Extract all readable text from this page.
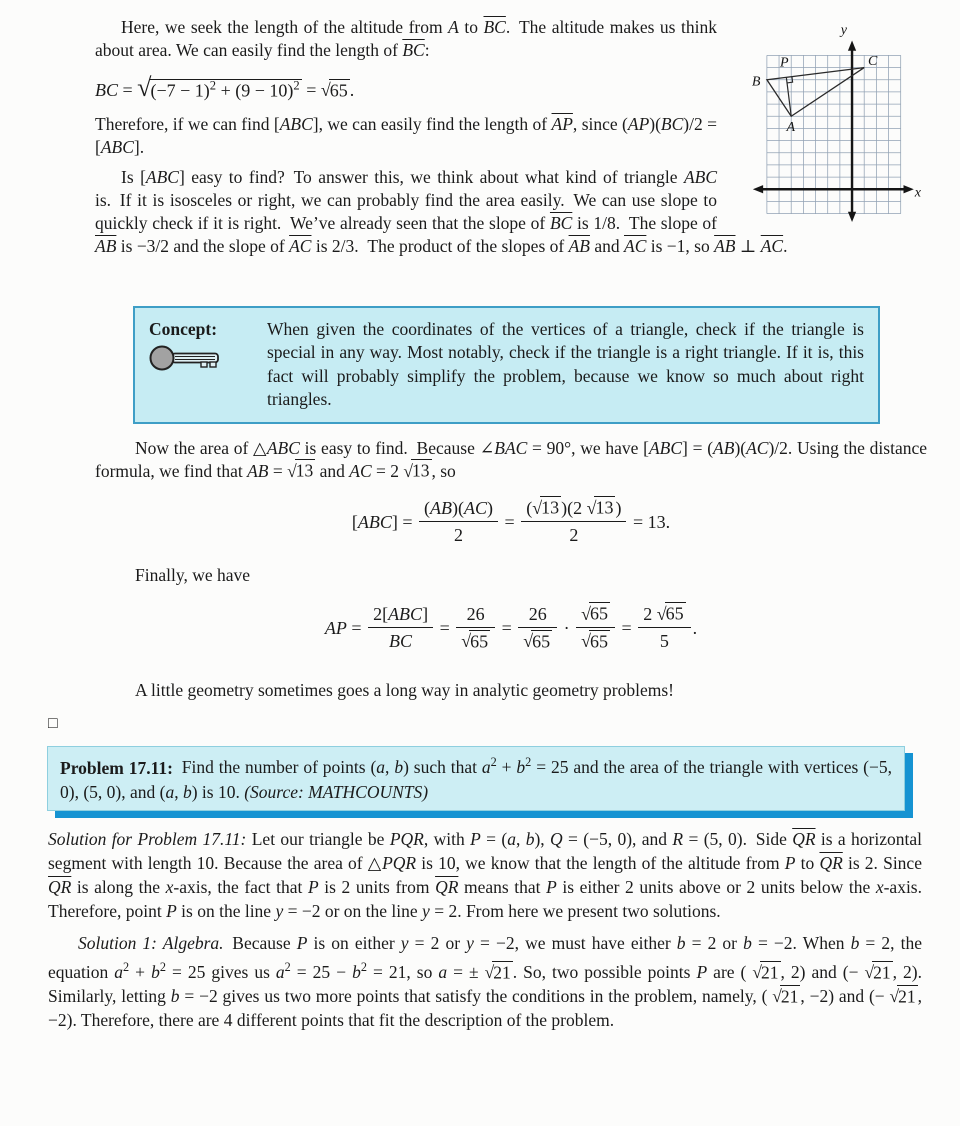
y
x
B
P	C
A

Here, we seek the length of the altitude from A to $\overline{BC}$. The altitude makes us think about area. We can easily find the length of $\overline{BC}$:

BC = $√(-7 - 1)^2 + (9 - 10)^2 = √65$ .

Therefore, if we can find [ABC], we can easily find the length of $\overline{AP}$, since (AP)(BC)/2 = [ABC].

Is [ABC] easy to find? To answer this, we think about what kind of triangle ABC is. If it is isosceles or right, we can probably find the area easily. We can use slope to quickly check if it is right. We’ve already seen that the slope of $\overline{BC}$ is 1/8. The slope of $\overline{AB}$ is −3/2 and the slope of $\overline{AC}$ is 2/3. The product of the slopes of $\overline{AB}$ and $\overline{AC}$ is −1, so $\overline{AB}$ ⊥ $\overline{AC}$.

Concept:	When given the coordinates of the vertices of a triangle, check if the triangle is special in any way. Most notably, check if the triangle is a right triangle. If it is, this fact will probably simplify the problem, because we know so much about right triangles.

Now the area of △ABC is easy to find. Because ∠BAC = 90°, we have [ABC] = (AB)(AC)/2. Using the distance formula, we find that AB = √13 and AC = 2 √13 , so

$[ABC] = \frac{(AB)(AC)}{2} = \frac{(√13 )(2 √13 )}{2} = 13$.

Finally, we have

AP = $\frac{\text{2[ABC]}}{BC} = \frac{26}{√65} = \frac{26}{√65} \cdot \frac{√65}{√65} = \frac{2 √65}{5}$ .

A little geometry sometimes goes a long way in analytic geometry problems!

□
Problem 17.11: Find the number of points (a, b) such that $a^2 + b^2 = 25$ and the area of the triangle with vertices (−5, 0), (5, 0), and (a, b) is 10. (Source: MATHCOUNTS)

Solution for Problem 17.11: Let our triangle be PQR, with P = (a, b), Q = (−5, 0), and R = (5, 0). Side $\overline{QR}$ is a horizontal segment with length 10. Because the area of △PQR is 10, we know that the length of the altitude from P to $\overline{QR}$ is 2. Since $\overline{QR}$ is along the x-axis, the fact that P is 2 units from $\overline{QR}$ means that P is either 2 units above or 2 units below the x-axis. Therefore, point P is on the line y = −2 or on the line y = 2. From here we present two solutions.

Solution 1: Algebra. Because P is on either y = 2 or y = −2, we must have either b = 2 or b = −2. When b = 2, the equation $a^2 + b^2 = 25$ gives us $a^2 = 25 - b^2 = 21$, so a = ± √21 . So, two possible points P are ( √21 , 2) and (− √21 , 2). Similarly, letting b = −2 gives us two more points that satisfy the conditions in the problem, namely, ( √21 , −2) and (− √21 , −2). Therefore, there are 4 different points that fit the description of the problem.
